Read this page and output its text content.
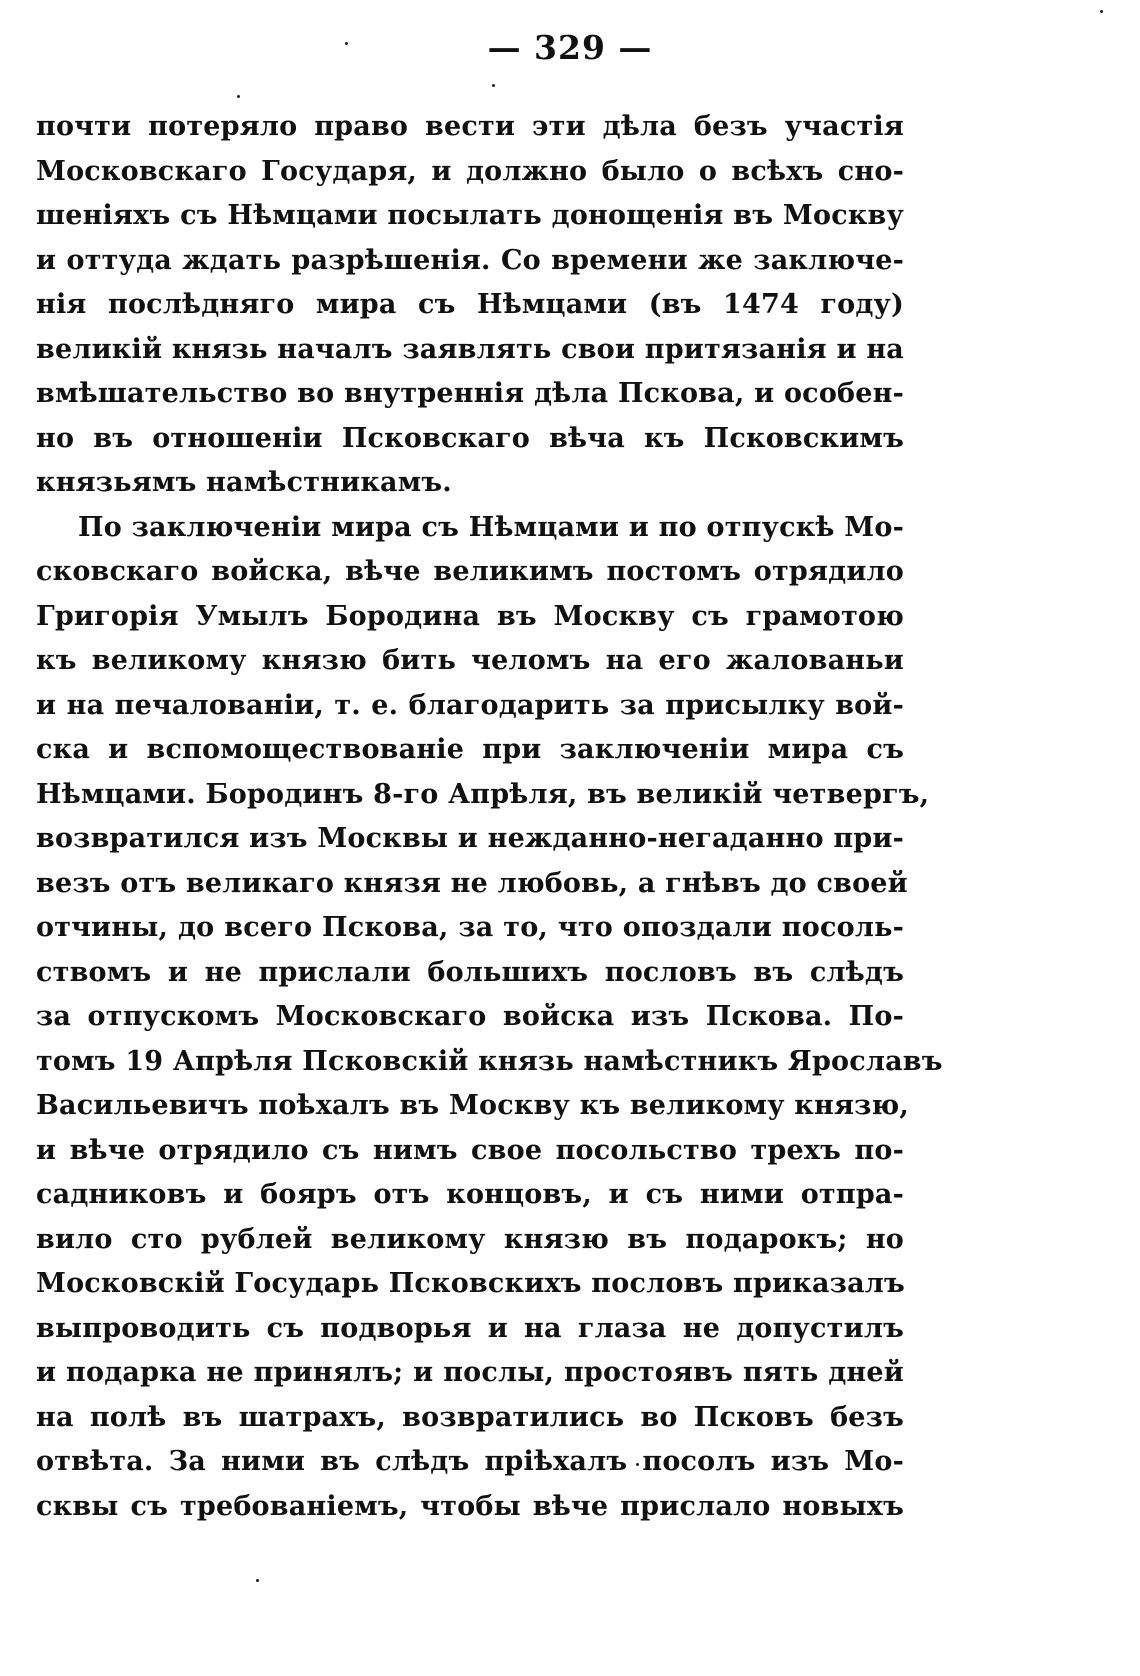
— 329 —
почти потеряло право вести эти дѣла безъ участія
Московскаго Государя, и должно было о всѣхъ сно-
шеніяхъ съ Нѣмцами посылать донощенія въ Москву
и оттуда ждать разрѣшенія. Со времени же заключе-
нія послѣдняго мира съ Нѣмцами (въ 1474 году)
великій князь началъ заявлять свои притязанія и на
вмѣшательство во внутреннія дѣла Пскова, и особен-
но въ отношеніи Псковскаго вѣча къ Псковскимъ
князьямъ намѣстникамъ.
По заключеніи мира съ Нѣмцами и по отпускѣ Мо-
сковскаго войска, вѣче великимъ постомъ отрядило
Григорія Умылъ Бородина въ Москву съ грамотою
къ великому князю бить челомъ на его жалованьи
и на печалованіи, т. е. благодарить за присылку вой-
ска и вспомоществованіе при заключеніи мира съ
Нѣмцами. Бородинъ 8-го Апрѣля, въ великій четвергъ,
возвратился изъ Москвы и нежданно-негаданно при-
везъ отъ великаго князя не любовь, а гнѣвъ до своей
отчины, до всего Пскова, за то, что опоздали посоль-
ствомъ и не прислали большихъ пословъ въ слѣдъ
за отпускомъ Московскаго войска изъ Пскова. По-
томъ 19 Апрѣля Псковскій князь намѣстникъ Ярославъ
Васильевичъ поѣхалъ въ Москву къ великому князю,
и вѣче отрядило съ нимъ свое посольство трехъ по-
садниковъ и бояръ отъ концовъ, и съ ними отпра-
вило сто рублей великому князю въ подарокъ; но
Московскій Государь Псковскихъ пословъ приказалъ
выпроводить съ подворья и на глаза не допустилъ
и подарка не принялъ; и послы, простоявъ пять дней
на полѣ въ шатрахъ, возвратились во Псковъ безъ
отвѣта. За ними въ слѣдъ пріѣхалъ посолъ изъ Мо-
сквы съ требованіемъ, чтобы вѣче прислало новыхъ
